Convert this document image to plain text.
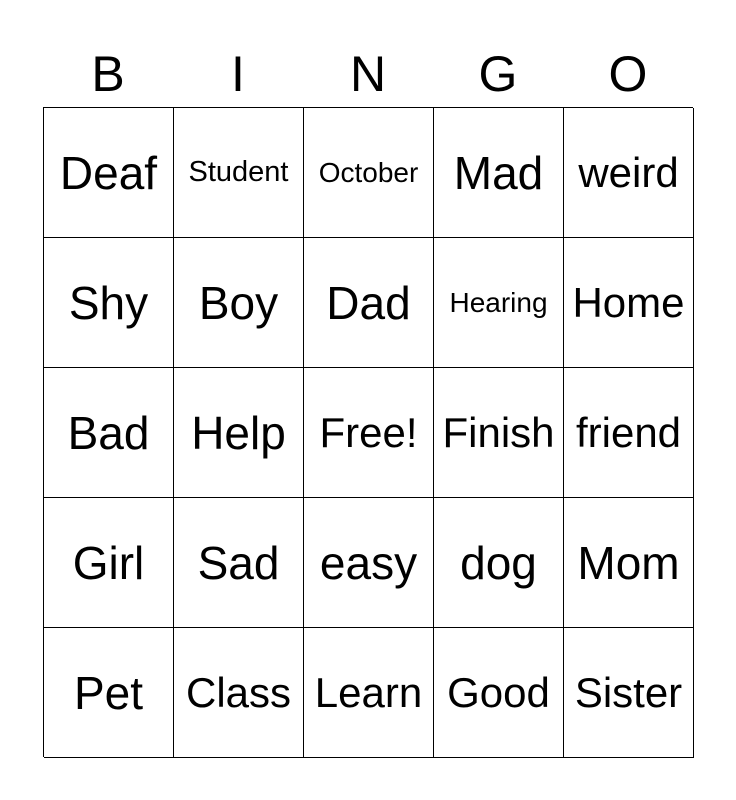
B	I	N	G	O
Deaf	Student	October Mad weird
Shy	Boy	Dad	Hearing Home
Bad Help Free! Finish friend
Girl	Sad easy dog Mom
Pet	Class Learn Good Sister
